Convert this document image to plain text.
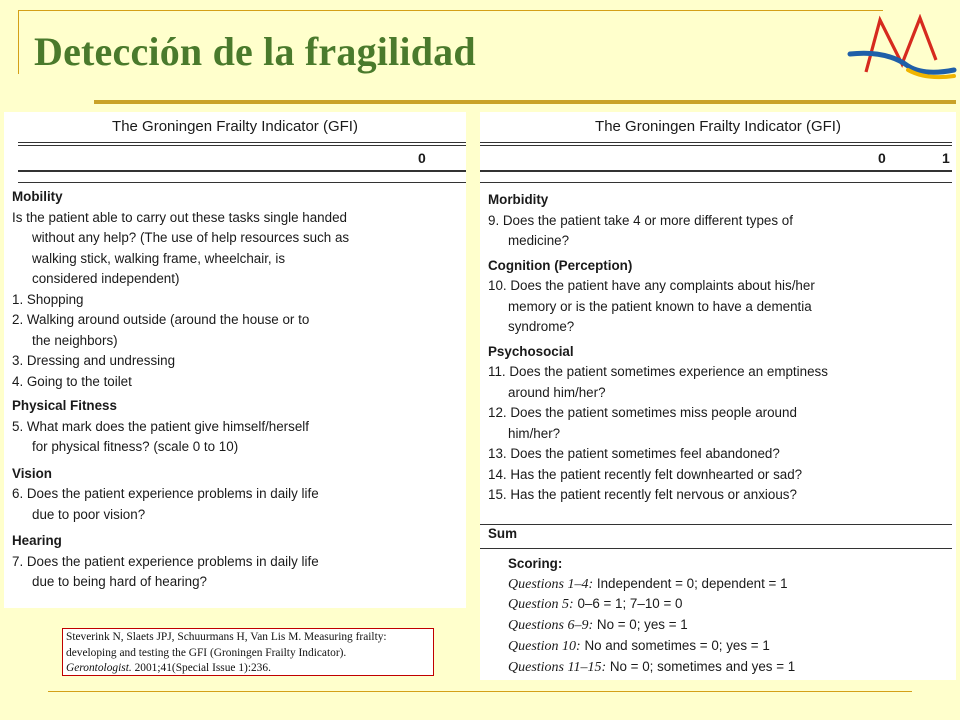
Detección de la fragilidad
The Groningen Frailty Indicator (GFI)
0
Mobility
Is the patient able to carry out these tasks single handed
without any help? (The use of help resources such as
walking stick, walking frame, wheelchair, is
considered independent)
1. Shopping
2. Walking around outside (around the house or to
the neighbors)
3. Dressing and undressing
4. Going to the toilet
Physical Fitness
5. What mark does the patient give himself/herself
for physical fitness? (scale 0 to 10)
Vision
6. Does the patient experience problems in daily life
due to poor vision?
Hearing
7. Does the patient experience problems in daily life
due to being hard of hearing?
The Groningen Frailty Indicator (GFI)
0	1
Morbidity
9. Does the patient take 4 or more different types of
medicine?
Cognition (Perception)
10. Does the patient have any complaints about his/her
memory or is the patient known to have a dementia
syndrome?
Psychosocial
11. Does the patient sometimes experience an emptiness
around him/her?
12. Does the patient sometimes miss people around
him/her?
13. Does the patient sometimes feel abandoned?
14. Has the patient recently felt downhearted or sad?
15. Has the patient recently felt nervous or anxious?
Sum
Scoring:
Questions 1–4: Independent = 0; dependent = 1
Question 5: 0–6 = 1; 7–10 = 0
Questions 6–9: No = 0; yes = 1
Question 10: No and sometimes = 0; yes = 1
Questions 11–15: No = 0; sometimes and yes = 1
Steverink N, Slaets JPJ, Schuurmans H, Van Lis M. Measuring frailty:
developing and testing the GFI (Groningen Frailty Indicator).
Gerontologist. 2001;41(Special Issue 1):236.
